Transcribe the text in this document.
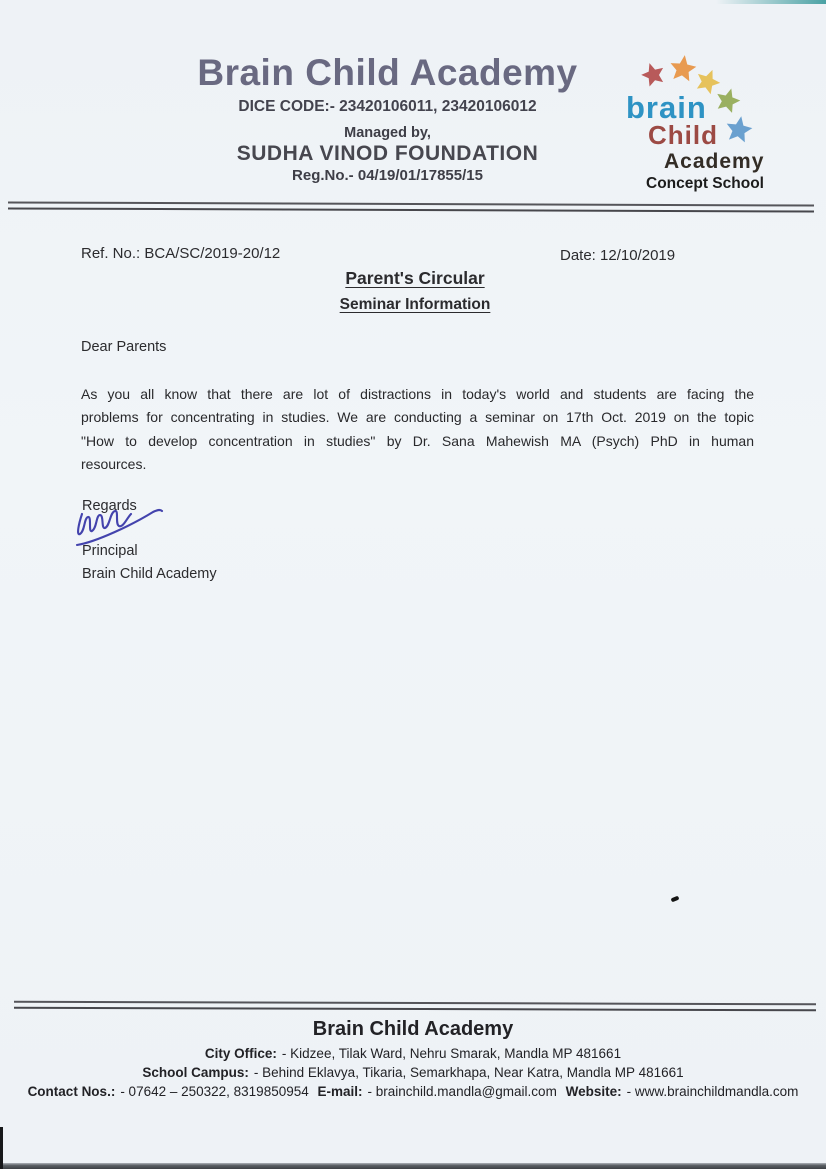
Brain Child Academy
DICE CODE:- 23420106011, 23420106012
Managed by,
SUDHA VINOD FOUNDATION
Reg.No.- 04/19/01/17855/15
brain
Child
Academy
Concept School
Ref. No.: BCA/SC/2019-20/12	Date: 12/10/2019
Parent's Circular
Seminar Information
Dear Parents
As you all know that there are lot of distractions in today's world and students are facing the
problems for concentrating in studies. We are conducting a seminar on 17th Oct. 2019 on the topic
"How to develop concentration in studies" by Dr. Sana Mahewish MA (Psych) PhD in human
resources.
Regards
Principal
Brain Child Academy
Brain Child Academy
City Office: - Kidzee, Tilak Ward, Nehru Smarak, Mandla MP 481661
School Campus: - Behind Eklavya, Tikaria, Semarkhapa, Near Katra, Mandla MP 481661
Contact Nos.: - 07642 – 250322, 8319850954 E-mail: - brainchild.mandla@gmail.com Website: - www.brainchildmandla.com
